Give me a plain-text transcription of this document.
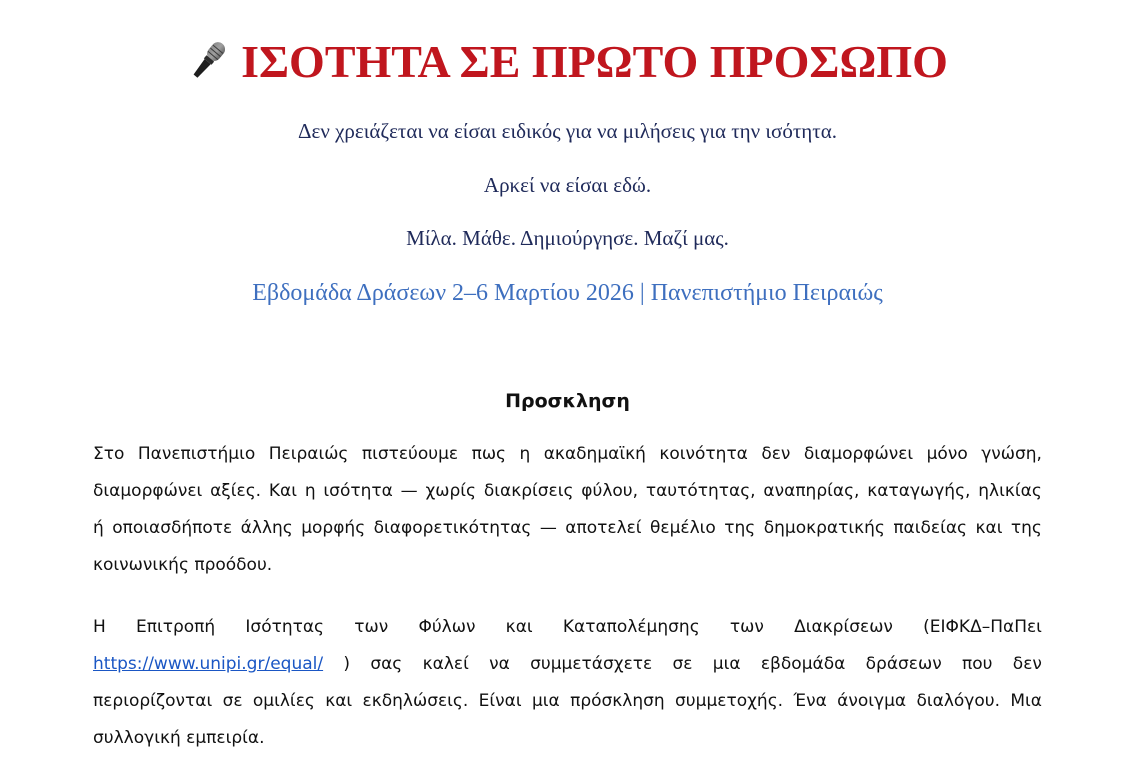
ΙΣΟΤΗΤΑ ΣΕ ΠΡΩΤΟ ΠΡΟΣΩΠΟ
Δεν χρειάζεται να είσαι ειδικός για να μιλήσεις για την ισότητα.
Αρκεί να είσαι εδώ.
Μίλα. Μάθε. Δημιούργησε. Μαζί μας.
Εβδομάδα Δράσεων 2–6 Μαρτίου 2026 | Πανεπιστήμιο Πειραιώς
Προσκληση
Στο Πανεπιστήμιο Πειραιώς πιστεύουμε πως η ακαδημαϊκή κοινότητα δεν διαμορφώνει μόνο γνώση,
διαμορφώνει αξίες. Και η ισότητα — χωρίς διακρίσεις φύλου, ταυτότητας, αναπηρίας, καταγωγής, ηλικίας
ή οποιασδήποτε άλλης μορφής διαφορετικότητας — αποτελεί θεμέλιο της δημοκρατικής παιδείας και της
κοινωνικής προόδου.
Η Επιτροπή Ισότητας των Φύλων και Καταπολέμησης των Διακρίσεων (ΕΙΦΚΔ–ΠαΠει
https://www.unipi.gr/equal/ ) σας καλεί να συμμετάσχετε σε μια εβδομάδα δράσεων που δεν
περιορίζονται σε ομιλίες και εκδηλώσεις. Είναι μια πρόσκληση συμμετοχής. Ένα άνοιγμα διαλόγου. Μια
συλλογική εμπειρία.
